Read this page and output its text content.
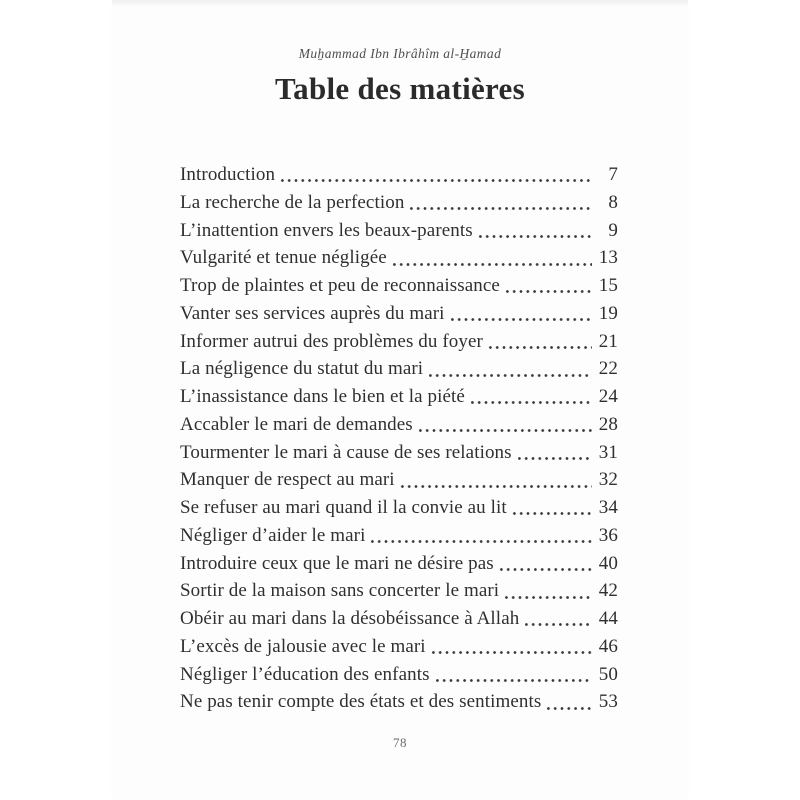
Muẖammad Ibn Ibrâhîm al-H̱amad
Table des matières
Introduction	7
La recherche de la perfection	8
L’inattention envers les beaux-parents	9
Vulgarité et tenue négligée	13
Trop de plaintes et peu de reconnaissance	15
Vanter ses services auprès du mari	19
Informer autrui des problèmes du foyer	21
La négligence du statut du mari	22
L’inassistance dans le bien et la piété	24
Accabler le mari de demandes	28
Tourmenter le mari à cause de ses relations	31
Manquer de respect au mari	32
Se refuser au mari quand il la convie au lit	34
Négliger d’aider le mari	36
Introduire ceux que le mari ne désire pas	40
Sortir de la maison sans concerter le mari	42
Obéir au mari dans la désobéissance à Allah	44
L’excès de jalousie avec le mari	46
Négliger l’éducation des enfants	50
Ne pas tenir compte des états et des sentiments	53
78
